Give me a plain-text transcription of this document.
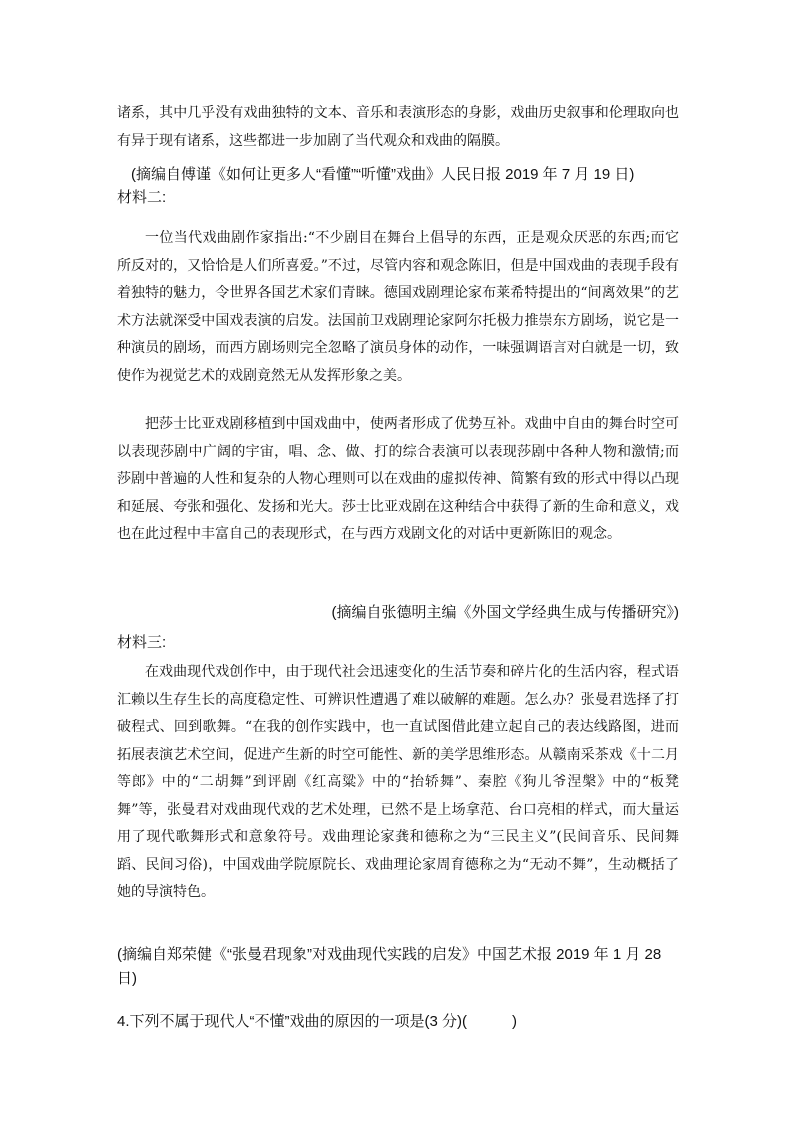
诸系，其中几乎没有戏曲独特的文本、音乐和表演形态的身影，戏曲历史叙事和伦理取向也有异于现有诸系，这些都进一步加剧了当代观众和戏曲的隔膜。

(摘编自傅谨《如何让更多人“看懂”“听懂”戏曲》人民日报 2019 年 7 月 19 日)

材料二:

一位当代戏曲剧作家指出:“不少剧目在舞台上倡导的东西，正是观众厌恶的东西;而它所反对的，又恰恰是人们所喜爱。”不过，尽管内容和观念陈旧，但是中国戏曲的表现手段有着独特的魅力，令世界各国艺术家们青睐。德国戏剧理论家布莱希特提出的“间离效果”的艺术方法就深受中国戏表演的启发。法国前卫戏剧理论家阿尔托极力推崇东方剧场，说它是一种演员的剧场，而西方剧场则完全忽略了演员身体的动作，一味强调语言对白就是一切，致使作为视觉艺术的戏剧竟然无从发挥形象之美。

把莎士比亚戏剧移植到中国戏曲中，使两者形成了优势互补。戏曲中自由的舞台时空可以表现莎剧中广阔的宇宙，唱、念、做、打的综合表演可以表现莎剧中各种人物和激情;而莎剧中普遍的人性和复杂的人物心理则可以在戏曲的虚拟传神、简繁有致的形式中得以凸现和延展、夸张和强化、发扬和光大。莎士比亚戏剧在这种结合中获得了新的生命和意义，戏也在此过程中丰富自己的表现形式，在与西方戏剧文化的对话中更新陈旧的观念。

(摘编自张德明主编《外国文学经典生成与传播研究》)

材料三:

在戏曲现代戏创作中，由于现代社会迅速变化的生活节奏和碎片化的生活内容，程式语汇赖以生存生长的高度稳定性、可辨识性遭遇了难以破解的难题。怎么办？张曼君选择了打破程式、回到歌舞。“在我的创作实践中，也一直试图借此建立起自己的表达线路图，进而拓展表演艺术空间，促进产生新的时空可能性、新的美学思维形态。从赣南采茶戏《十二月等郎》中的“二胡舞”到评剧《红高粱》中的“抬轿舞”、秦腔《狗儿爷涅槃》中的“板凳舞”等，张曼君对戏曲现代戏的艺术处理，已然不是上场拿范、台口亮相的样式，而大量运用了现代歌舞形式和意象符号。戏曲理论家龚和德称之为“三民主义”(民间音乐、民间舞蹈、民间习俗)，中国戏曲学院原院长、戏曲理论家周育德称之为“无动不舞”，生动概括了她的导演特色。

(摘编自郑荣健《“张曼君现象”对戏曲现代实践的启发》中国艺术报 2019 年 1 月 28 日)

4.下列不属于现代人“不懂”戏曲的原因的一项是(3 分)(　　　)
